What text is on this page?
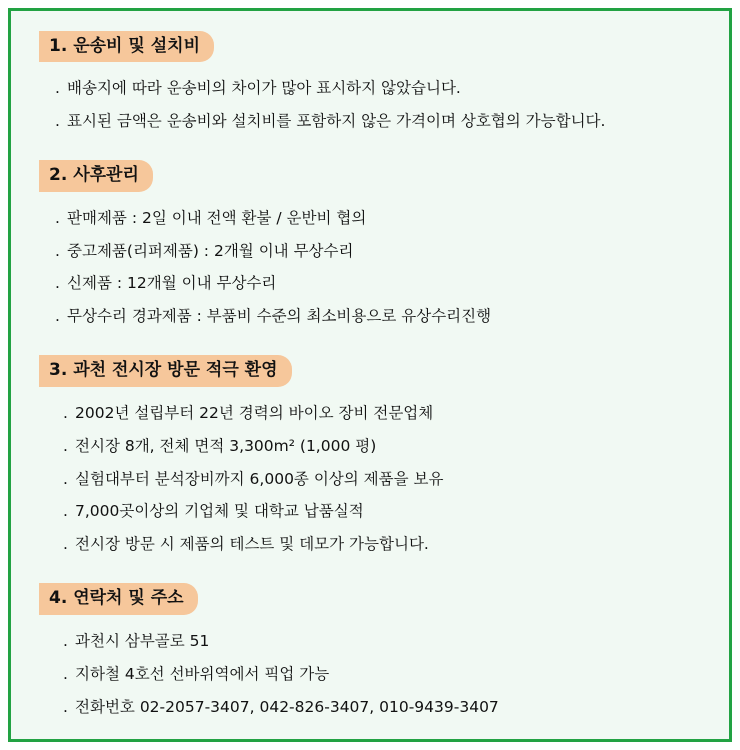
1. 운송비 및 설치비
. 배송지에 따라 운송비의 차이가 많아 표시하지 않았습니다.
. 표시된 금액은 운송비와 설치비를 포함하지 않은 가격이며 상호협의 가능합니다.
2. 사후관리
. 판매제품 : 2일 이내 전액 환불 / 운반비 협의
. 중고제품(리퍼제품) : 2개월 이내 무상수리
. 신제품 : 12개월 이내 무상수리
. 무상수리 경과제품 : 부품비 수준의 최소비용으로 유상수리진행
3. 과천 전시장 방문 적극 환영
. 2002년 설립부터 22년 경력의 바이오 장비 전문업체
. 전시장 8개, 전체 면적 3,300m² (1,000 평)
. 실험대부터 분석장비까지 6,000종 이상의 제품을 보유
. 7,000곳이상의 기업체 및 대학교 납품실적
. 전시장 방문 시 제품의 테스트 및 데모가 가능합니다.
4. 연락처 및 주소
. 과천시 삼부골로 51
. 지하철 4호선 선바위역에서 픽업 가능
. 전화번호 02-2057-3407, 042-826-3407, 010-9439-3407
